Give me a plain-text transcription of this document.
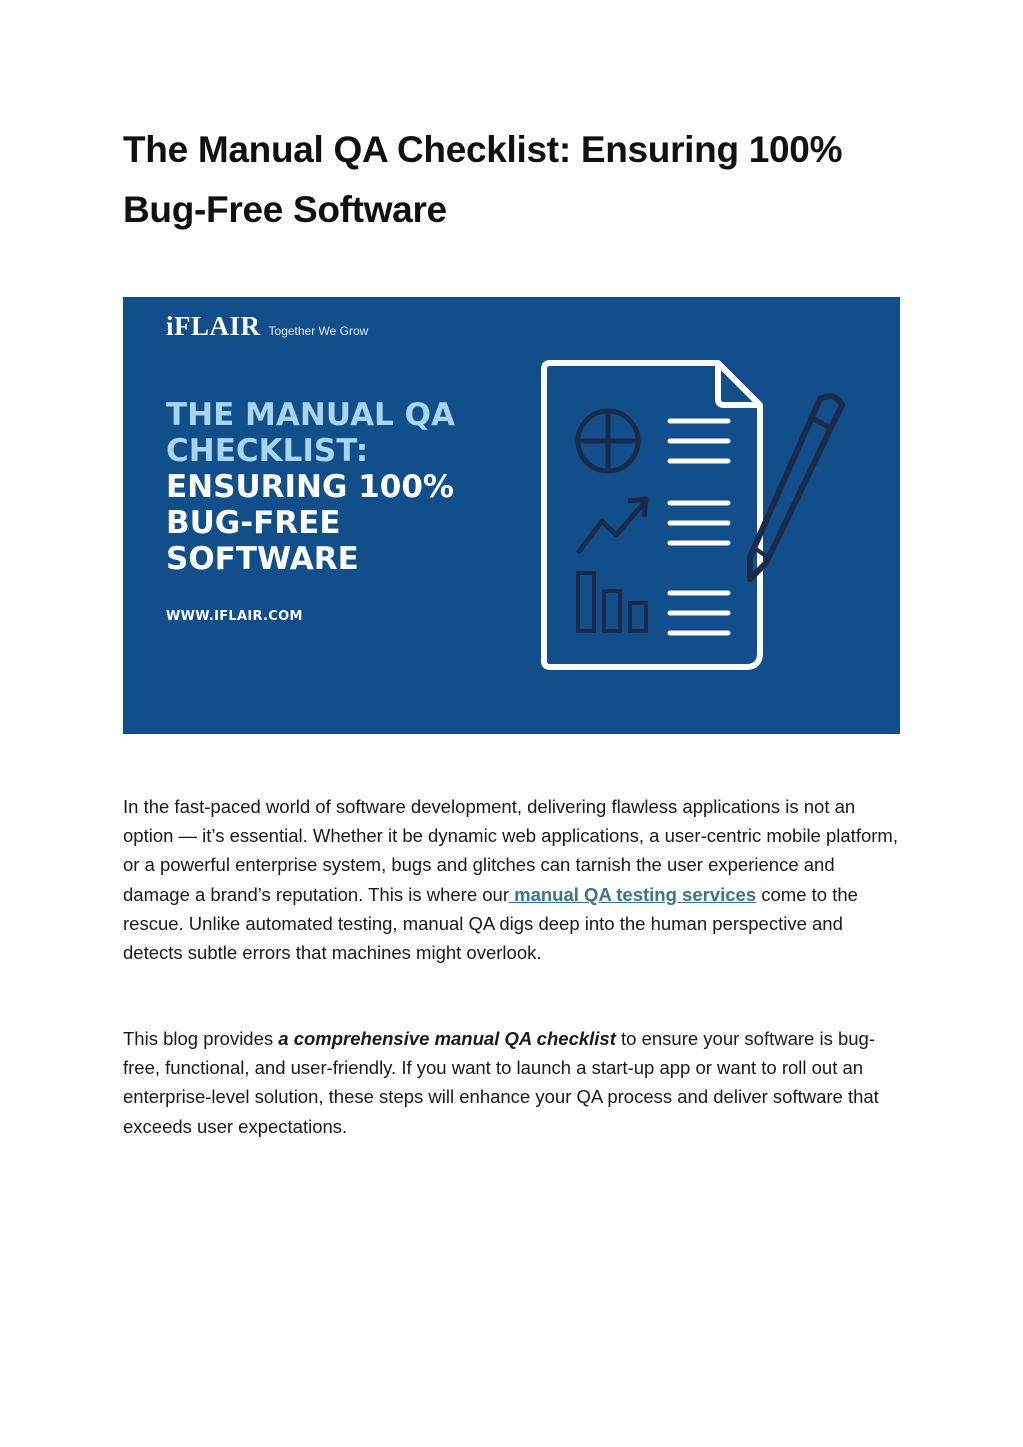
The Manual QA Checklist: Ensuring 100% Bug-Free Software
iFLAIR Together We Grow
THE MANUAL QA
CHECKLIST:
ENSURING 100%
BUG-FREE
SOFTWARE
WWW.IFLAIR.COM

In the fast-paced world of software development, delivering flawless applications is not an option — it’s essential. Whether it be dynamic web applications, a user-centric mobile platform, or a powerful enterprise system, bugs and glitches can tarnish the user experience and damage a brand’s reputation. This is where our manual QA testing services come to the rescue. Unlike automated testing, manual QA digs deep into the human perspective and detects subtle errors that machines might overlook.

This blog provides a comprehensive manual QA checklist to ensure your software is bug-free, functional, and user-friendly. If you want to launch a start-up app or want to roll out an enterprise-level solution, these steps will enhance your QA process and deliver software that exceeds user expectations.
